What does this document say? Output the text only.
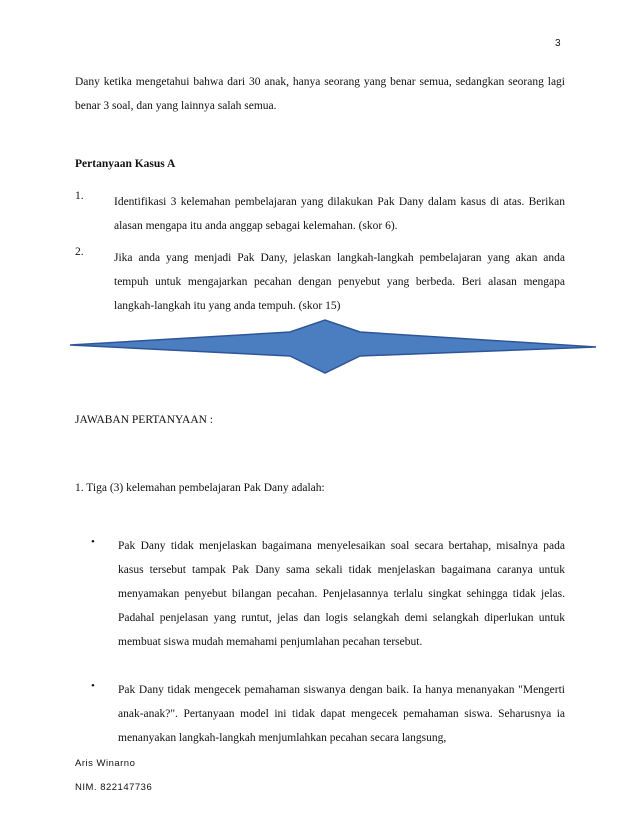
3
Dany ketika mengetahui bahwa dari 30 anak, hanya seorang yang benar semua, sedangkan seorang lagi benar 3 soal, dan yang lainnya salah semua.
Pertanyaan Kasus A
1.	Identifikasi 3 kelemahan pembelajaran yang dilakukan Pak Dany dalam kasus di atas. Berikan alasan mengapa itu anda anggap sebagai kelemahan. (skor 6).
2.	Jika anda yang menjadi Pak Dany, jelaskan langkah-langkah pembelajaran yang akan anda tempuh untuk mengajarkan pecahan dengan penyebut yang berbeda. Beri alasan mengapa langkah-langkah itu yang anda tempuh. (skor 15)
JAWABAN PERTANYAAN :
1. Tiga (3) kelemahan pembelajaran Pak Dany adalah:
• Pak Dany tidak menjelaskan bagaimana menyelesaikan soal secara bertahap, misalnya pada kasus tersebut tampak Pak Dany sama sekali tidak menjelaskan bagaimana caranya untuk menyamakan penyebut bilangan pecahan. Penjelasannya terlalu singkat sehingga tidak jelas. Padahal penjelasan yang runtut, jelas dan logis selangkah demi selangkah diperlukan untuk membuat siswa mudah memahami penjumlahan pecahan tersebut.
• Pak Dany tidak mengecek pemahaman siswanya dengan baik. Ia hanya menanyakan "Mengerti anak-anak?". Pertanyaan model ini tidak dapat mengecek pemahaman siswa. Seharusnya ia menanyakan langkah-langkah menjumlahkan pecahan secara langsung,
Aris Winarno
NIM. 822147736
